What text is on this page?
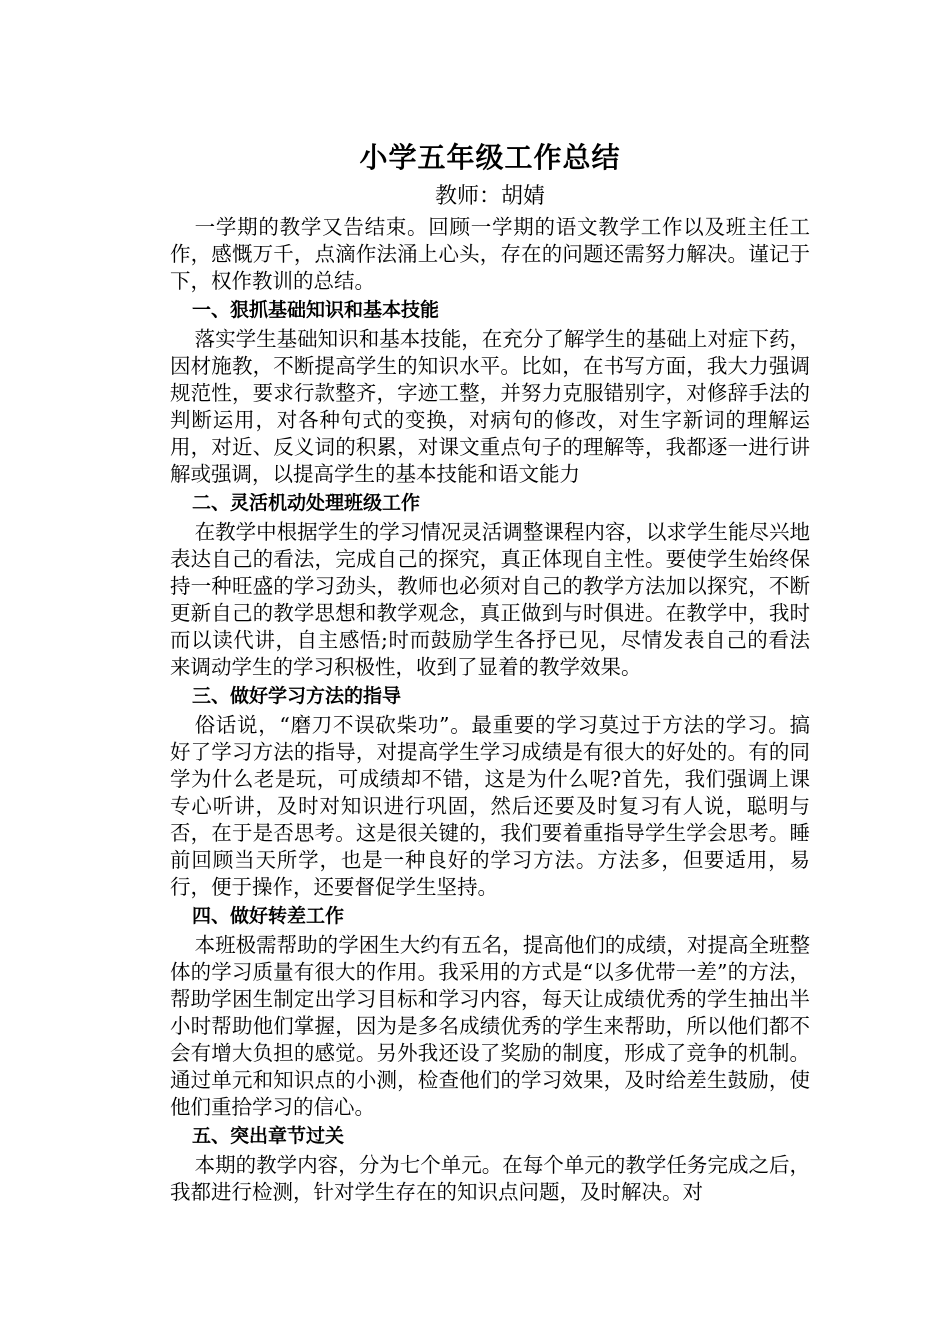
小学五年级工作总结
教师：胡婧

一学期的教学又告结束。回顾一学期的语文教学工作以及班主任工作，感慨万千，点滴作法涌上心头，存在的问题还需努力解决。谨记于下，权作教训的总结。

一、狠抓基础知识和基本技能

落实学生基础知识和基本技能，在充分了解学生的基础上对症下药，因材施教，不断提高学生的知识水平。比如，在书写方面，我大力强调规范性，要求行款整齐，字迹工整，并努力克服错别字，对修辞手法的判断运用，对各种句式的变换，对病句的修改，对生字新词的理解运用，对近、反义词的积累，对课文重点句子的理解等，我都逐一进行讲解或强调，以提高学生的基本技能和语文能力

二、灵活机动处理班级工作

在教学中根据学生的学习情况灵活调整课程内容，以求学生能尽兴地表达自己的看法，完成自己的探究，真正体现自主性。要使学生始终保持一种旺盛的学习劲头，教师也必须对自己的教学方法加以探究，不断更新自己的教学思想和教学观念，真正做到与时俱进。在教学中，我时而以读代讲，自主感悟;时而鼓励学生各抒已见，尽情发表自己的看法来调动学生的学习积极性，收到了显着的教学效果。

三、做好学习方法的指导

俗话说，“磨刀不误砍柴功”。最重要的学习莫过于方法的学习。搞好了学习方法的指导，对提高学生学习成绩是有很大的好处的。有的同学为什么老是玩，可成绩却不错，这是为什么呢?首先，我们强调上课专心听讲，及时对知识进行巩固，然后还要及时复习有人说，聪明与否，在于是否思考。这是很关键的，我们要着重指导学生学会思考。睡前回顾当天所学，也是一种良好的学习方法。方法多，但要适用，易行，便于操作，还要督促学生坚持。

四、做好转差工作

本班极需帮助的学困生大约有五名，提高他们的成绩，对提高全班整体的学习质量有很大的作用。我采用的方式是“以多优带一差”的方法，帮助学困生制定出学习目标和学习内容，每天让成绩优秀的学生抽出半小时帮助他们掌握，因为是多名成绩优秀的学生来帮助，所以他们都不会有增大负担的感觉。另外我还设了奖励的制度，形成了竞争的机制。通过单元和知识点的小测，检查他们的学习效果，及时给差生鼓励，使他们重拾学习的信心。

五、突出章节过关

本期的教学内容，分为七个单元。在每个单元的教学任务完成之后，我都进行检测，针对学生存在的知识点问题，及时解决。对
